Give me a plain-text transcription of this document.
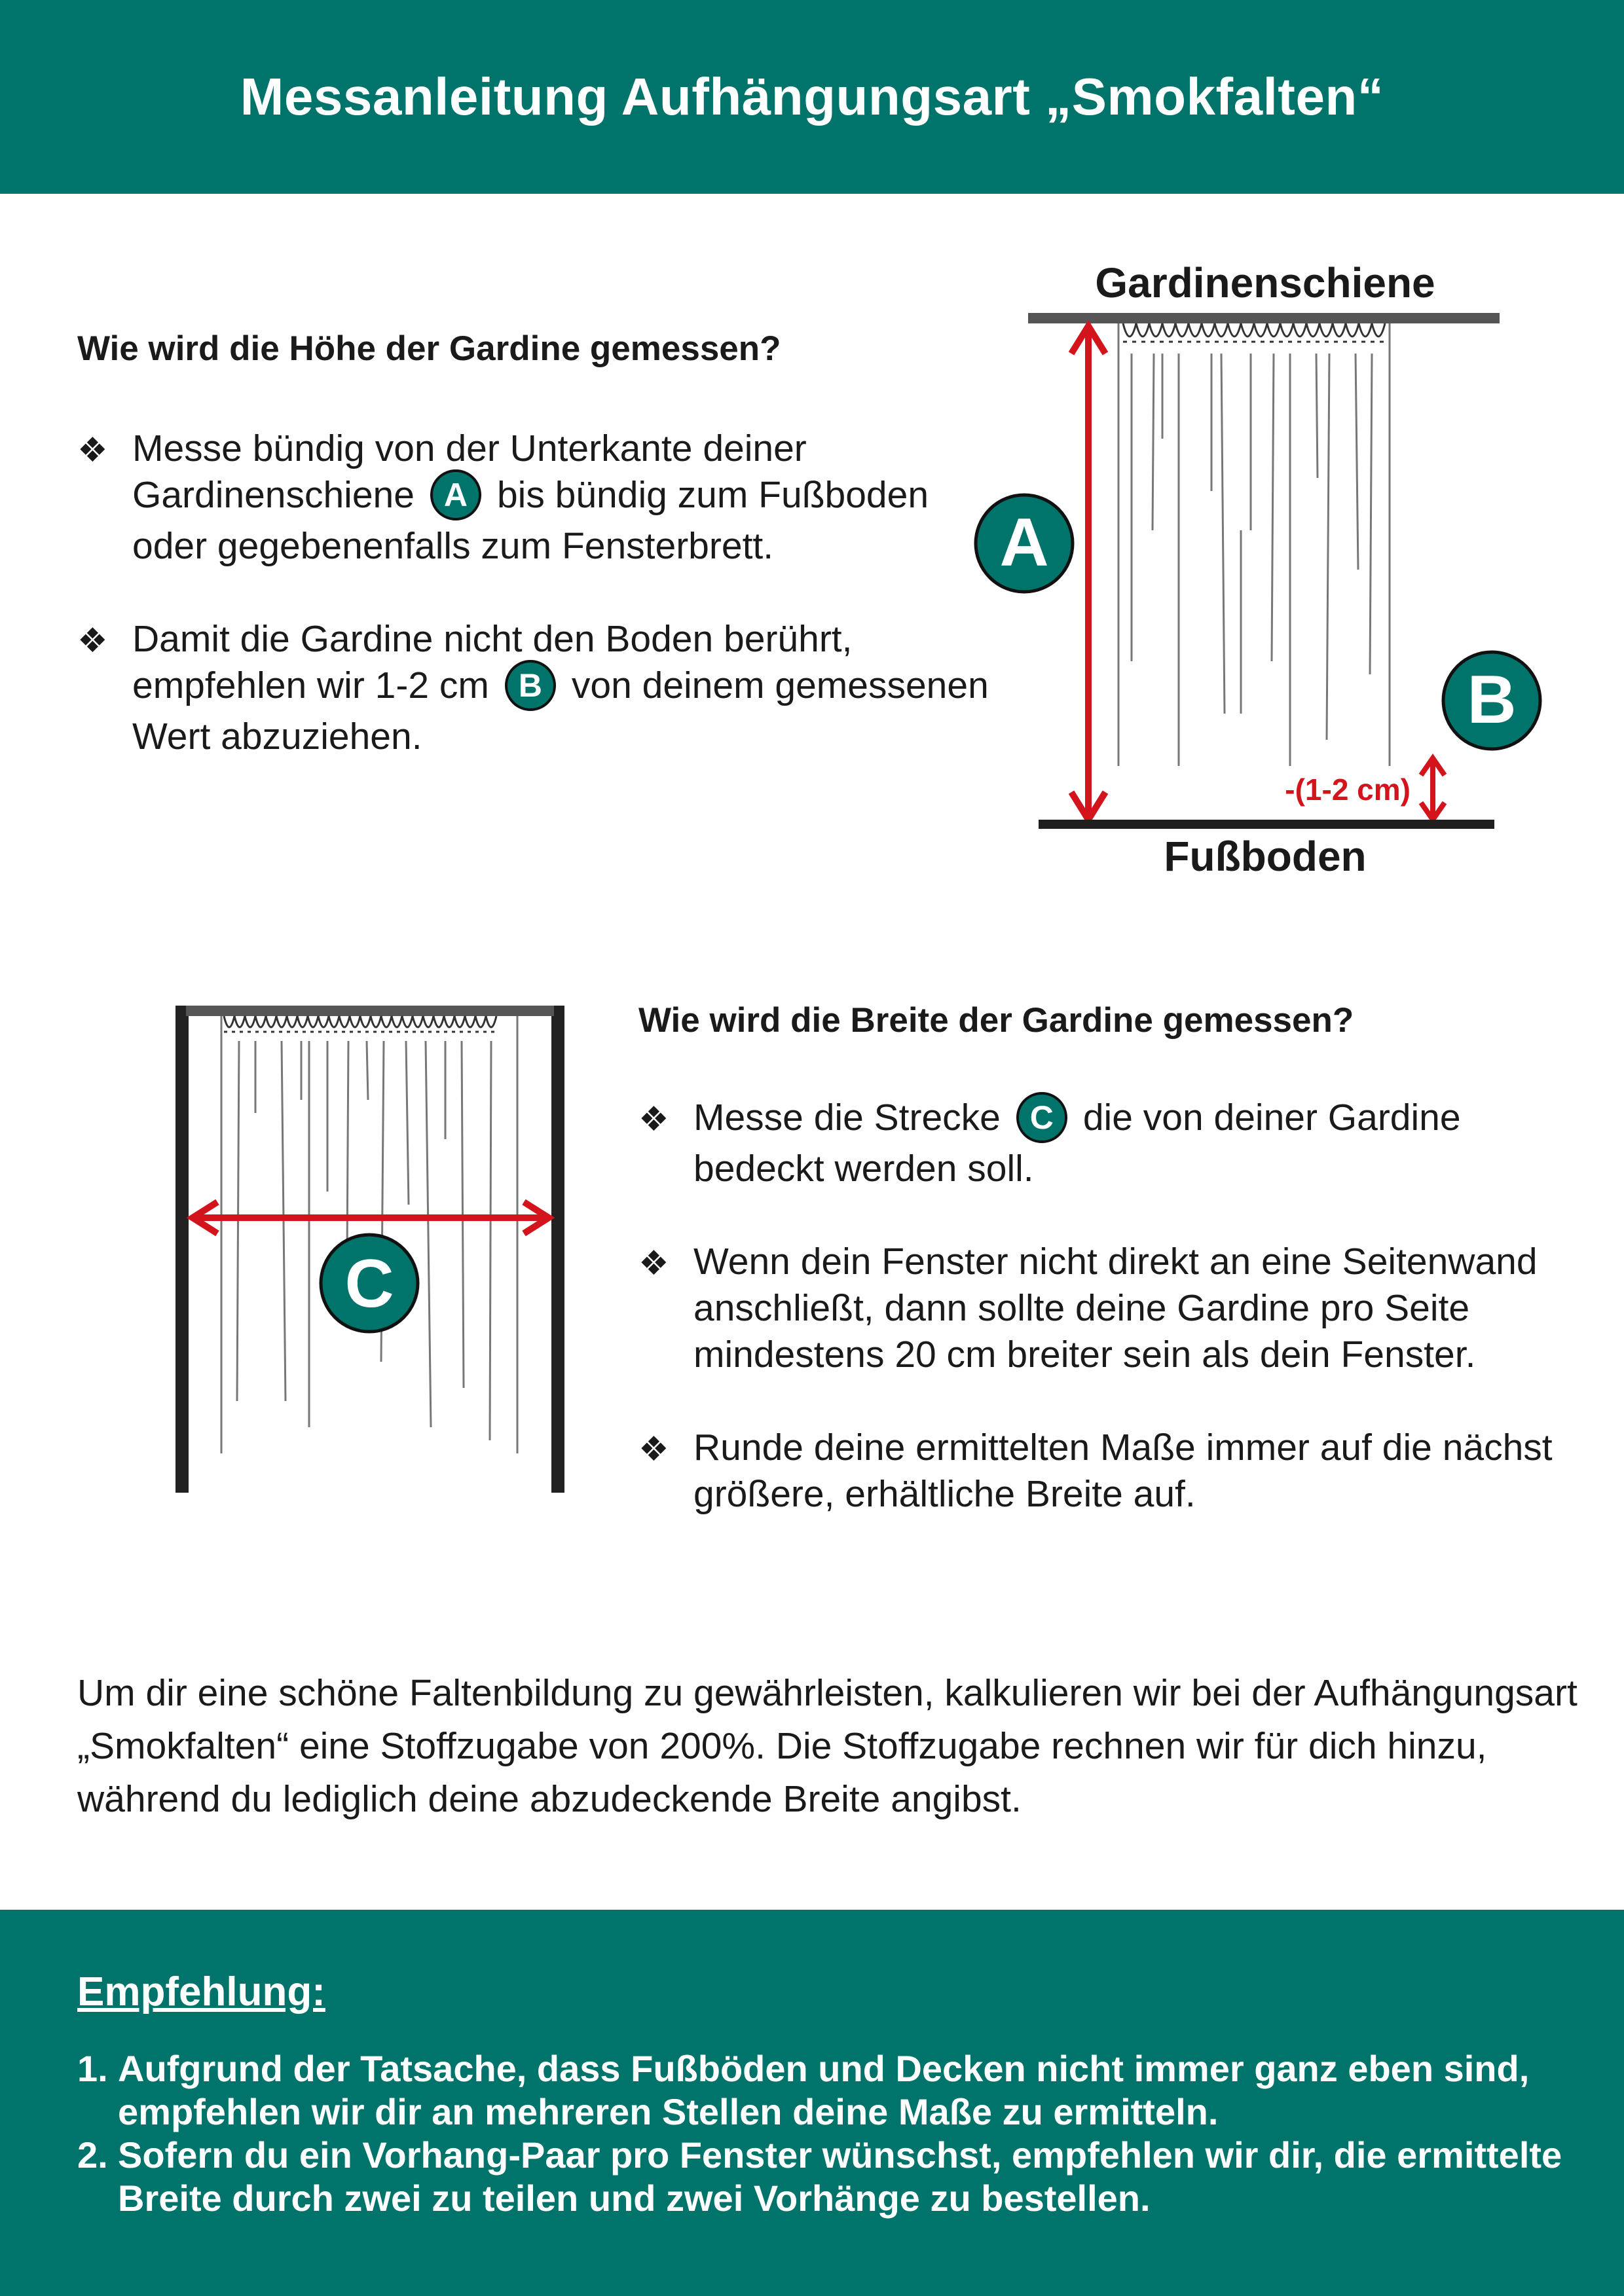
Messanleitung Aufhängungsart „Smokfalten“

Wie wird die Höhe der Gardine gemessen?

❖ Messe bündig von der Unterkante deiner Gardinenschiene A bis bündig zum Fußboden oder gegebenenfalls zum Fensterbrett.
❖ Damit die Gardine nicht den Boden berührt, empfehlen wir 1-2 cm B von deinem gemessenen Wert abzuziehen.
Gardinenschiene
A
B
-(1-2 cm)
Fußboden
C

Wie wird die Breite der Gardine gemessen?

❖ Messe die Strecke C die von deiner Gardine bedeckt werden soll.
❖ Wenn dein Fenster nicht direkt an eine Seitenwand anschließt, dann sollte deine Gardine pro Seite mindestens 20 cm breiter sein als dein Fenster.
❖ Runde deine ermittelten Maße immer auf die nächst größere, erhältliche Breite auf.

Um dir eine schöne Faltenbildung zu gewährleisten, kalkulieren wir bei der Aufhängungsart „Smokfalten“ eine Stoffzugabe von 200%. Die Stoffzugabe rechnen wir für dich hinzu, während du lediglich deine abzudeckende Breite angibst.

Empfehlung:
1. Aufgrund der Tatsache, dass Fußböden und Decken nicht immer ganz eben sind, empfehlen wir dir an mehreren Stellen deine Maße zu ermitteln.
2. Sofern du ein Vorhang-Paar pro Fenster wünschst, empfehlen wir dir, die ermittelte Breite durch zwei zu teilen und zwei Vorhänge zu bestellen.
